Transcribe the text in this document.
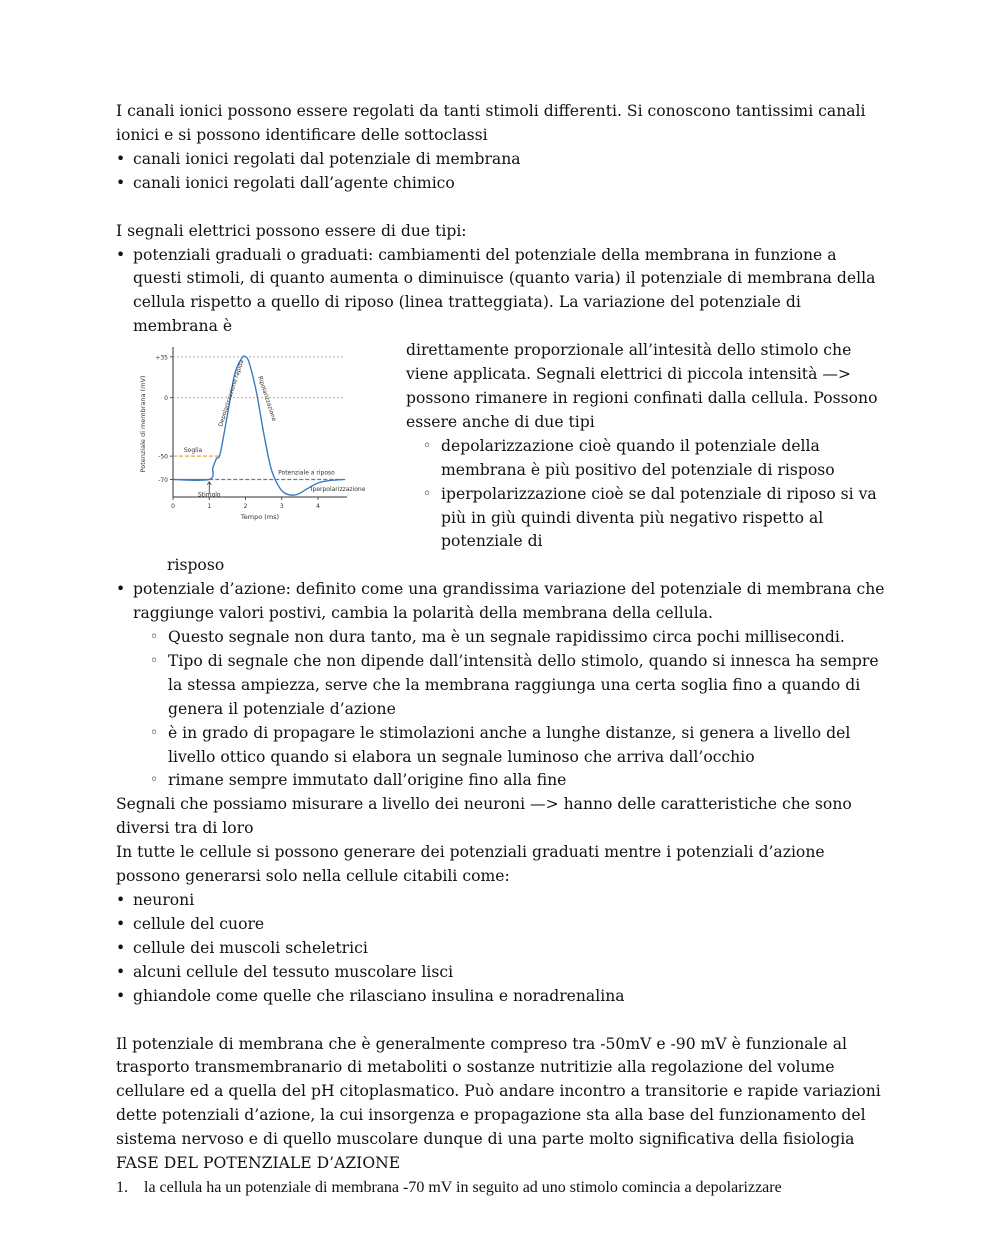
I canali ionici possono essere regolati da tanti stimoli differenti. Si conoscono tantissimi canali ionici e si possono identificare delle sottoclassi

• canali ionici regolati dal potenziale di membrana
• canali ionici regolati dall’agente chimico

I segnali elettrici possono essere di due tipi:

• potenziali graduali o graduati: cambiamenti del potenziale della membrana in funzione a questi stimoli, di quanto aumenta o diminuisce (quanto varia) il potenziale di membrana della cellula rispetto a quello di riposo (linea tratteggiata). La variazione del potenziale di membrana è
+35
0
-50
-70
0	1	2	3	4
Tempo (ms)
Potenziale di membrana (mV)	Soglia
Potenziale a riposo
Depolarizzazione rapida Ripolarizzazione
Iperpolarizzazione
Stimolo
direttamente proporzionale all’intesità dello stimolo che viene applicata. Segnali elettrici di piccola intensità —> possono rimanere in regioni confinati dalla cellula. Possono essere anche di due tipi
◦ depolarizzazione cioè quando il potenziale della membrana è più positivo del potenziale di risposo
◦ iperpolarizzazione cioè se dal potenziale di riposo si va più in giù quindi diventa più negativo rispetto al potenziale di
risposo
• potenziale d’azione: definito come una grandissima variazione del potenziale di membrana che raggiunge valori postivi, cambia la polarità della membrana della cellula.
◦ Questo segnale non dura tanto, ma è un segnale rapidissimo circa pochi millisecondi.
◦ Tipo di segnale che non dipende dall’intensità dello stimolo, quando si innesca ha sempre la stessa ampiezza, serve che la membrana raggiunga una certa soglia fino a quando di genera il potenziale d’azione
◦ è in grado di propagare le stimolazioni anche a lunghe distanze, si genera a livello del livello ottico quando si elabora un segnale luminoso che arriva dall’occhio
◦ rimane sempre immutato dall’origine fino alla fine

Segnali che possiamo misurare a livello dei neuroni —> hanno delle caratteristiche che sono diversi tra di loro

In tutte le cellule si possono generare dei potenziali graduati mentre i potenziali d’azione possono generarsi solo nella cellule citabili come:

• neuroni
• cellule del cuore
• cellule dei muscoli scheletrici
• alcuni cellule del tessuto muscolare lisci
• ghiandole come quelle che rilasciano insulina e noradrenalina

Il potenziale di membrana che è generalmente compreso tra -50mV e -90 mV è funzionale al trasporto transmembranario di metaboliti o sostanze nutritizie alla regolazione del volume cellulare ed a quella del pH citoplasmatico. Può andare incontro a transitorie e rapide variazioni dette potenziali d’azione, la cui insorgenza e propagazione sta alla base del funzionamento del sistema nervoso e di quello muscolare dunque di una parte molto significativa della fisiologia

FASE DEL POTENZIALE D’AZIONE

1. la cellula ha un potenziale di membrana -70 mV in seguito ad uno stimolo comincia a depolarizzare
